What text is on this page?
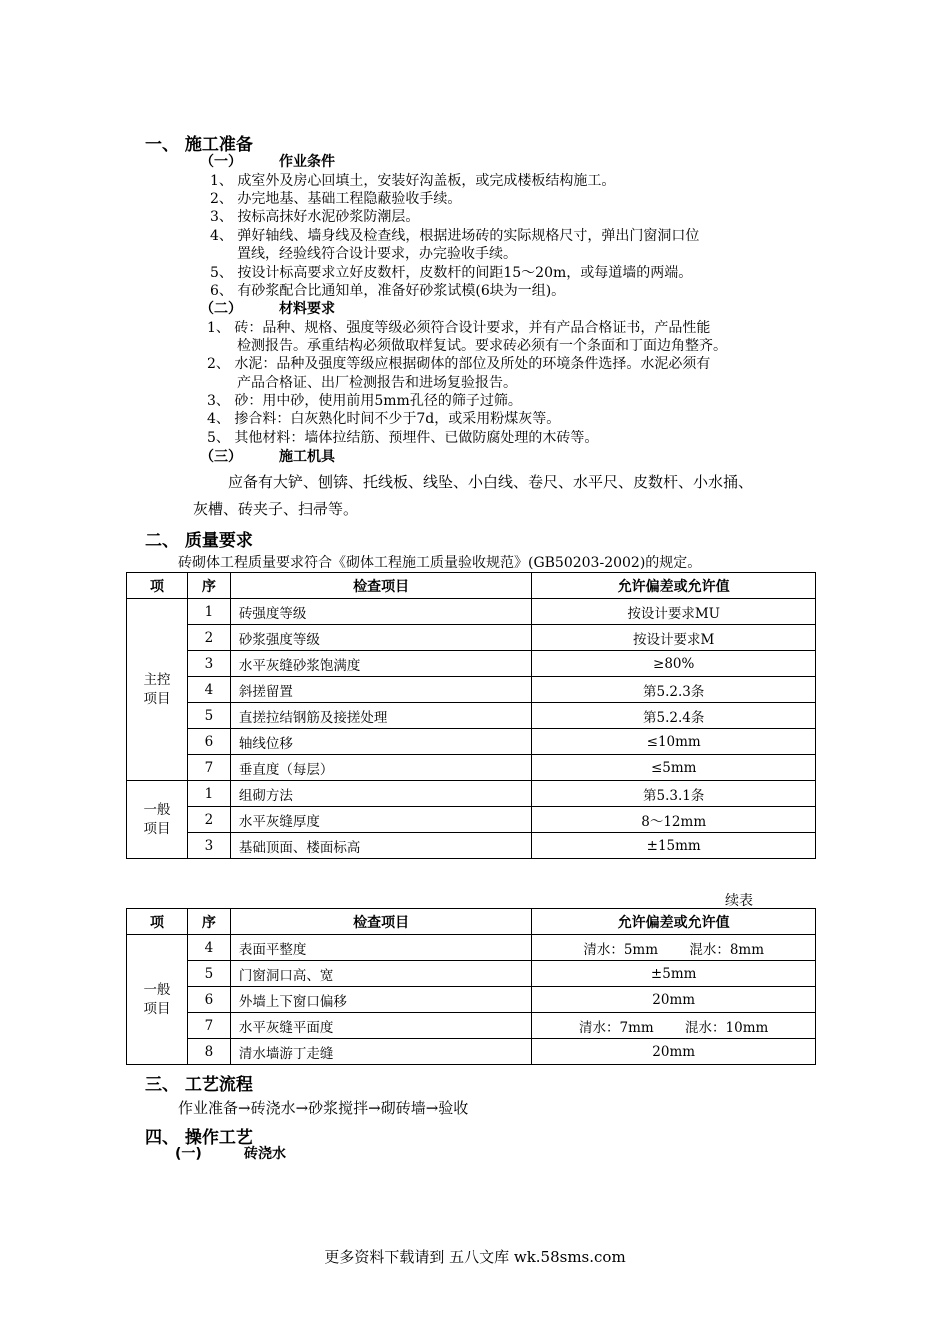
一、 施工准备
（一）	作业条件
1、 成室外及房心回填土，安装好沟盖板，或完成楼板结构施工。
2、 办完地基、基础工程隐蔽验收手续。
3、 按标高抹好水泥砂浆防潮层。
4、 弹好轴线、墙身线及检查线，根据进场砖的实际规格尺寸，弹出门窗洞口位
置线，经验线符合设计要求，办完验收手续。
5、 按设计标高要求立好皮数杆，皮数杆的间距15～20m，或每道墙的两端。
6、 有砂浆配合比通知单，准备好砂浆试模(6块为一组)。
（二）	材料要求
1、 砖：品种、规格、强度等级必须符合设计要求，并有产品合格证书，产品性能
检测报告。承重结构必须做取样复试。要求砖必须有一个条面和丁面边角整齐。
2、 水泥：品种及强度等级应根据砌体的部位及所处的环境条件选择。水泥必须有
产品合格证、出厂检测报告和进场复验报告。
3、 砂：用中砂，使用前用5mm孔径的筛子过筛。
4、 掺合料：白灰熟化时间不少于7d，或采用粉煤灰等。
5、 其他材料：墙体拉结筋、预埋件、已做防腐处理的木砖等。
（三）	施工机具
应备有大铲、刨锛、托线板、线坠、小白线、卷尺、水平尺、皮数杆、小水捅、
灰槽、砖夹子、扫帚等。
二、 质量要求
砖砌体工程质量要求符合《砌体工程施工质量验收规范》(GB50203-2002)的规定。
项	序	检查项目	允许偏差或允许值

主控项目	1	砖强度等级	按设计要求MU
	2	砂浆强度等级	按设计要求M
	3	水平灰缝砂浆饱满度	≥80%
	4	斜搓留置	第5.2.3条
	5	直搓拉结钢筋及接搓处理	第5.2.4条
	6	轴线位移	≤10mm
	7	垂直度（每层）	≤5mm

一般项目	1	组砌方法	第5.3.1条
	2	水平灰缝厚度	8～12mm
	3	基础顶面、楼面标高	±15mm
续表
项	序	检查项目	允许偏差或允许值

一般项目	4	表面平整度	清水：5mm　　 混水：8mm
	5	门窗洞口高、宽	±5mm
	6	外墙上下窗口偏移	20mm
	7	水平灰缝平面度	清水：7mm　　 混水：10mm
	8	清水墙游丁走缝	20mm
三、 工艺流程
作业准备→砖浇水→砂浆搅拌→砌砖墙→验收
四、 操作工艺
(一)	砖浇水
更多资料下载请到 五八文库 wk.58sms.com
